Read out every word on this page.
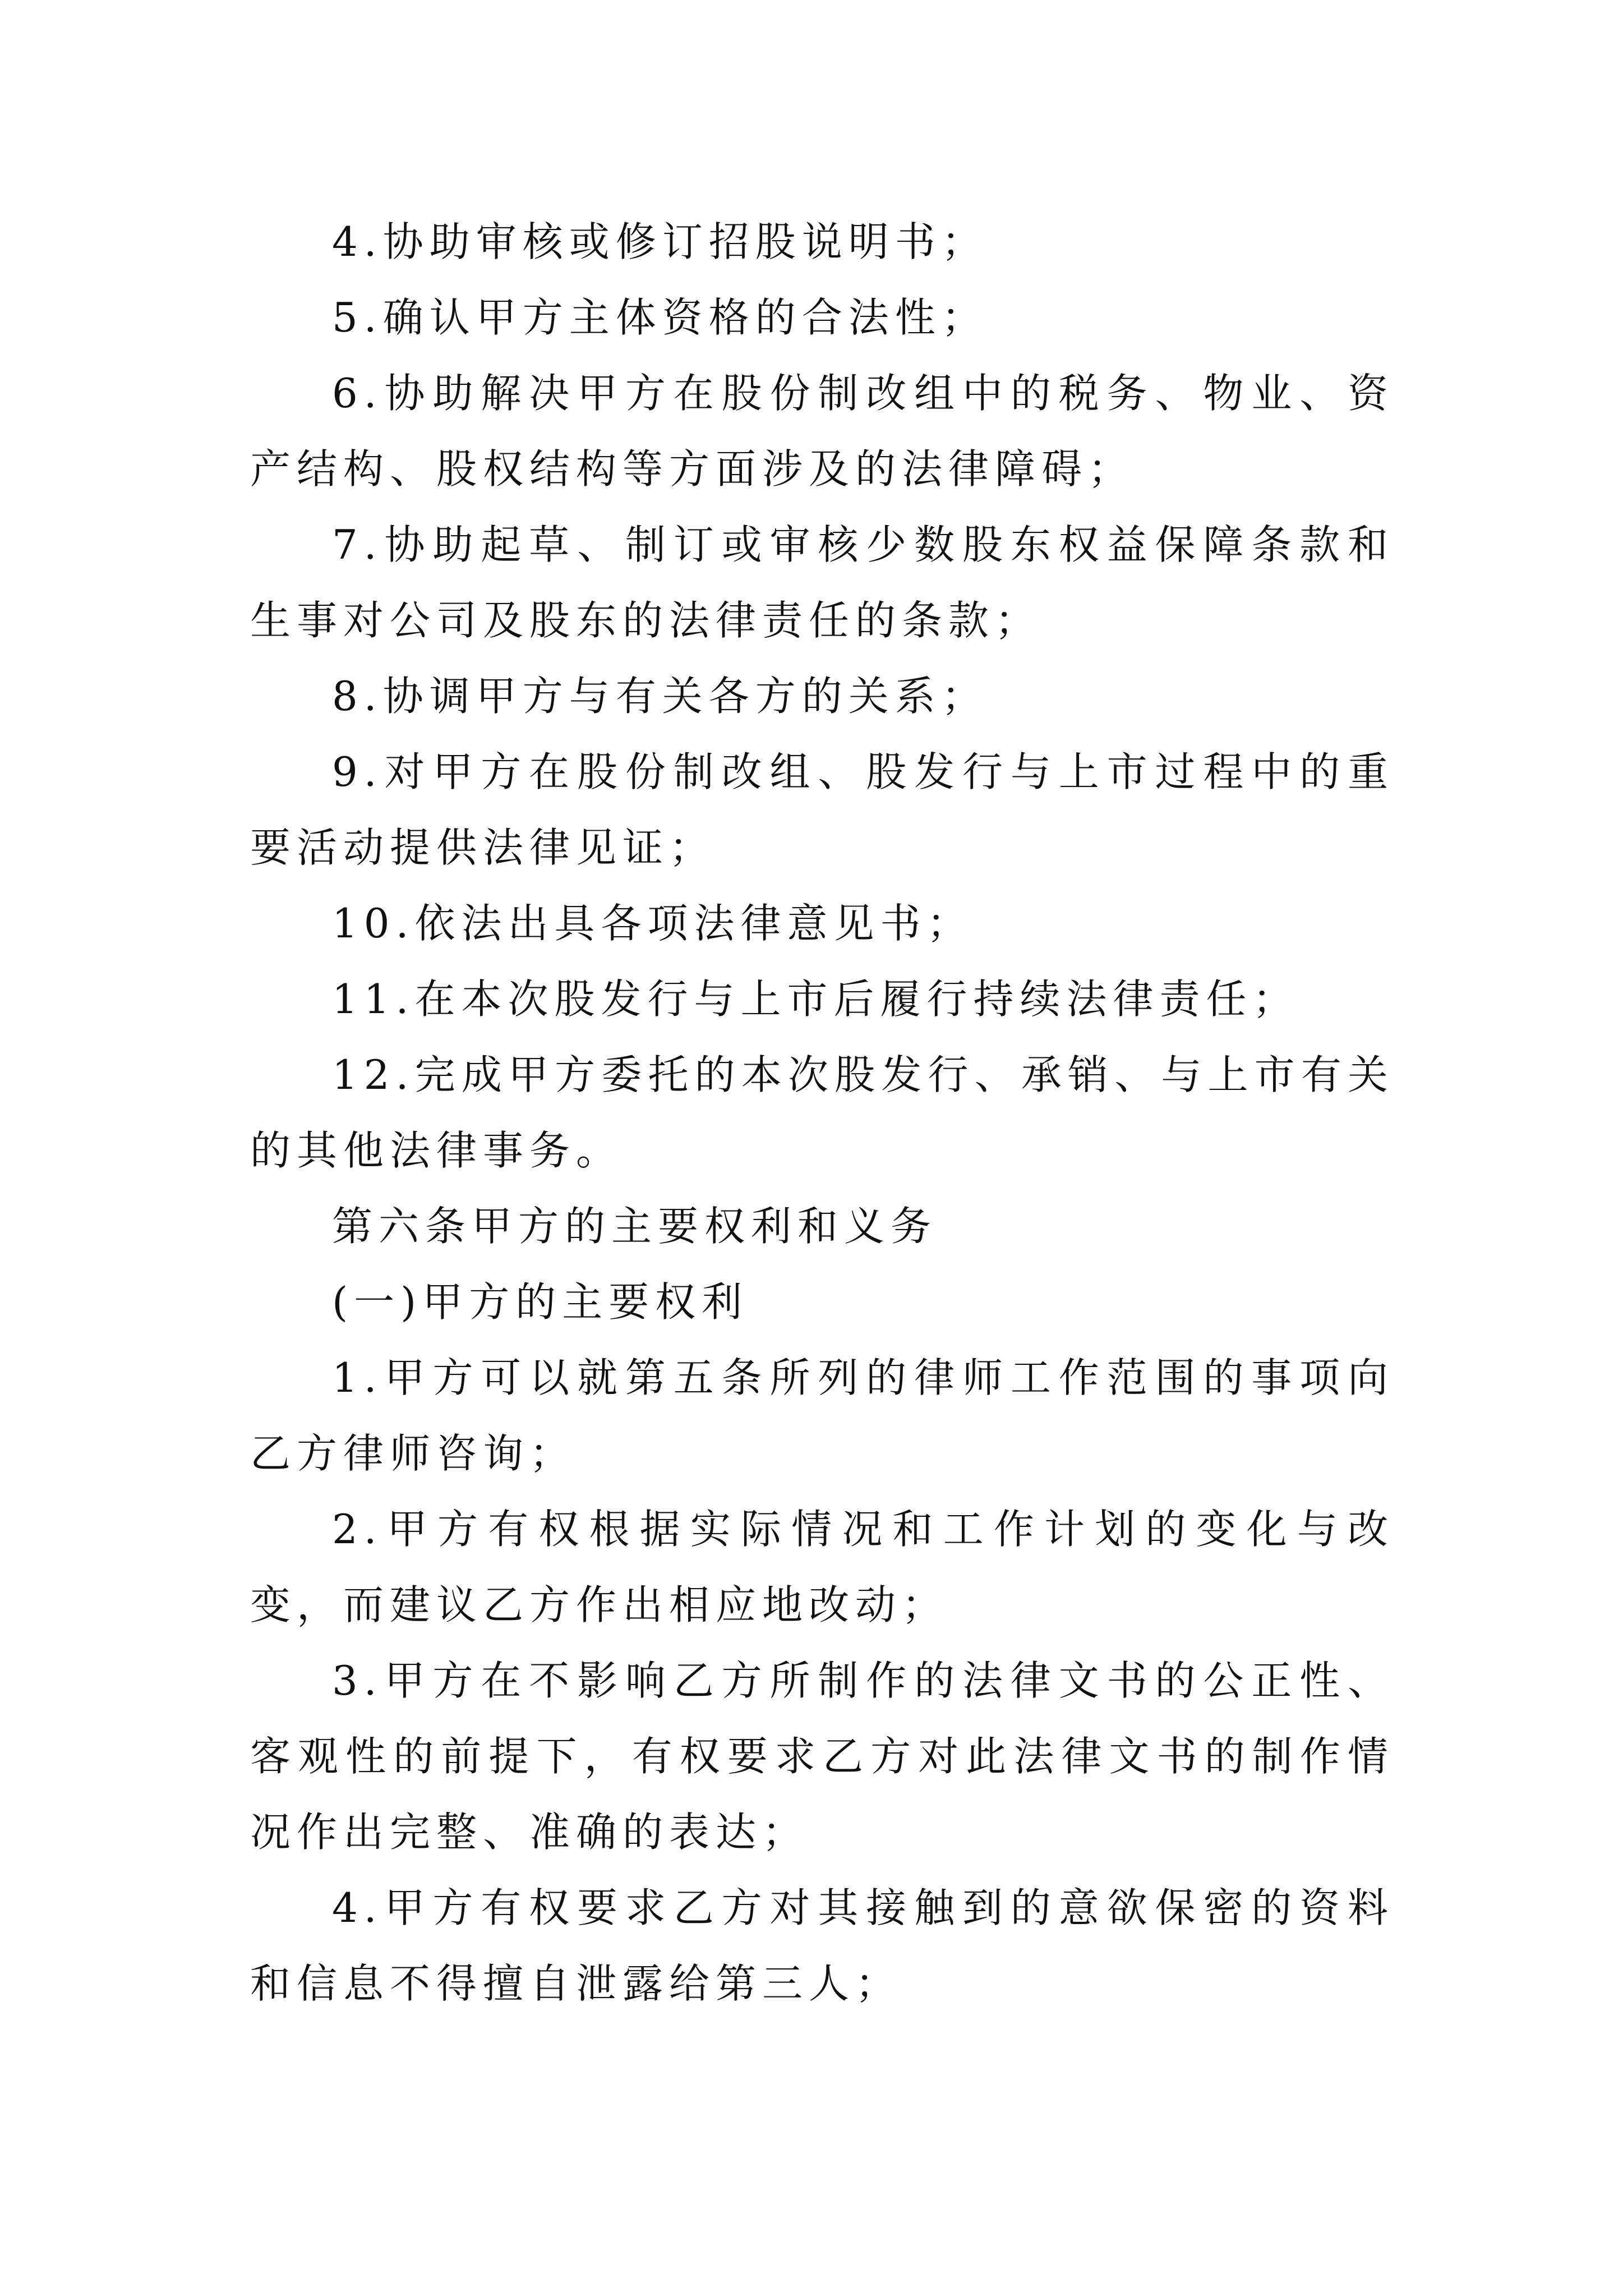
4.协助审核或修订招股说明书；

5.确认甲方主体资格的合法性；

6.协助解决甲方在股份制改组中的税务、物业、资产结构、股权结构等方面涉及的法律障碍；

7.协助起草、制订或审核少数股东权益保障条款和生事对公司及股东的法律责任的条款；

8.协调甲方与有关各方的关系；

9.对甲方在股份制改组、股发行与上市过程中的重要活动提供法律见证；

10.依法出具各项法律意见书；

11.在本次股发行与上市后履行持续法律责任；

12.完成甲方委托的本次股发行、承销、与上市有关的其他法律事务。

第六条甲方的主要权利和义务

(一)甲方的主要权利

1.甲方可以就第五条所列的律师工作范围的事项向乙方律师咨询；

2.甲方有权根据实际情况和工作计划的变化与改变，而建议乙方作出相应地改动；

3.甲方在不影响乙方所制作的法律文书的公正性、客观性的前提下，有权要求乙方对此法律文书的制作情况作出完整、准确的表达；

4.甲方有权要求乙方对其接触到的意欲保密的资料和信息不得擅自泄露给第三人；
